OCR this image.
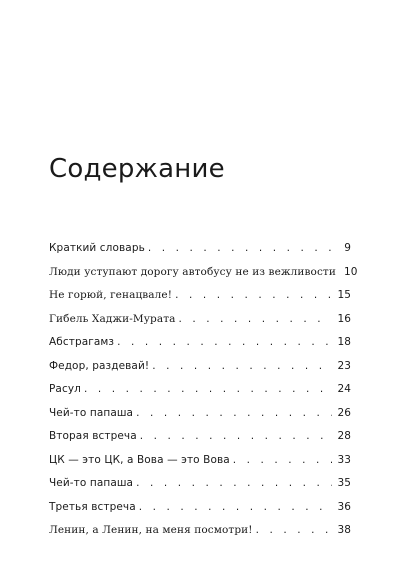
Содержание
Краткий словарь . . .	9
Люди уступают дорогу автобусу не из вежливости 10
Не горюй, генацвале! . . .	15
Гибель Хаджи-Мурата . . .	16
Абстрагамз . . .	18
Федор, раздевай! . . .	23
Расул . . .	24
Чей-то папаша . . .	26
Вторая встреча . . .	28
ЦК — это ЦК, а Вова — это Вова . . .	33
Чей-то папаша . . .	35
Третья встреча . . .	36
Ленин, а Ленин, на меня посмотри! . . .	38
